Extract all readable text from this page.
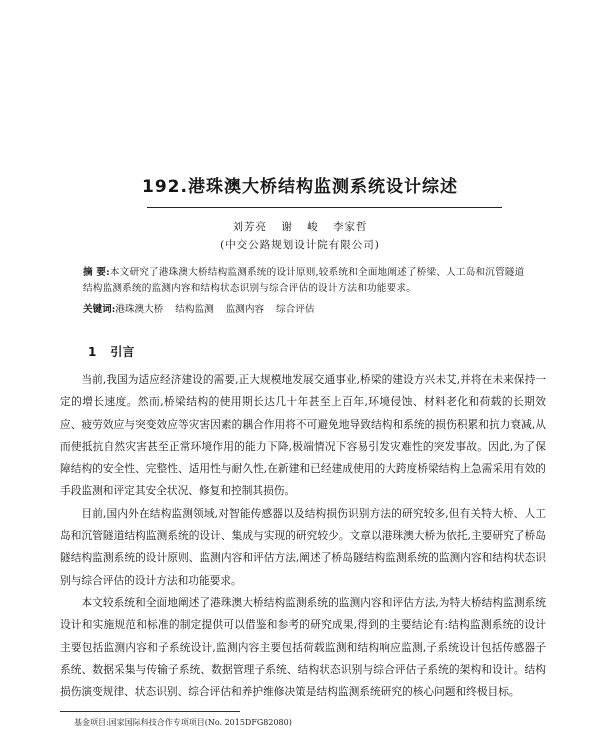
192.港珠澳大桥结构监测系统设计综述
刘芳亮 谢 峻 李家哲
(中交公路规划设计院有限公司)
摘 要:本文研究了港珠澳大桥结构监测系统的设计原则,较系统和全面地阐述了桥梁、人工岛和沉管隧道结构监测系统的监测内容和结构状态识别与综合评估的设计方法和功能要求。
关键词:港珠澳大桥 结构监测 监测内容 综合评估
1 引言

当前,我国为适应经济建设的需要,正大规模地发展交通事业,桥梁的建设方兴未艾,并将在未来保持一定的增长速度。然而,桥梁结构的使用期长达几十年甚至上百年,环境侵蚀、材料老化和荷载的长期效应、疲劳效应与突变效应等灾害因素的耦合作用将不可避免地导致结构和系统的损伤积累和抗力衰减,从而使抵抗自然灾害甚至正常环境作用的能力下降,极端情况下容易引发灾难性的突发事故。因此,为了保障结构的安全性、完整性、适用性与耐久性,在新建和已经建成使用的大跨度桥梁结构上急需采用有效的手段监测和评定其安全状况、修复和控制其损伤。

目前,国内外在结构监测领域,对智能传感器以及结构损伤识别方法的研究较多,但有关特大桥、人工岛和沉管隧道结构监测系统的设计、集成与实现的研究较少。文章以港珠澳大桥为依托,主要研究了桥岛隧结构监测系统的设计原则、监测内容和评估方法,阐述了桥岛隧结构监测系统的监测内容和结构状态识别与综合评估的设计方法和功能要求。

本文较系统和全面地阐述了港珠澳大桥结构监测系统的监测内容和评估方法,为特大桥结构监测系统设计和实施规范和标准的制定提供可以借鉴和参考的研究成果,得到的主要结论有:结构监测系统的设计主要包括监测内容和子系统设计,监测内容主要包括荷载监测和结构响应监测,子系统设计包括传感器子系统、数据采集与传输子系统、数据管理子系统、结构状态识别与综合评估子系统的架构和设计。结构损伤演变规律、状态识别、综合评估和养护维修决策是结构监测系统研究的核心问题和终极目标。

基金项目:国家国际科技合作专项项目(No. 2015DFG82080)
